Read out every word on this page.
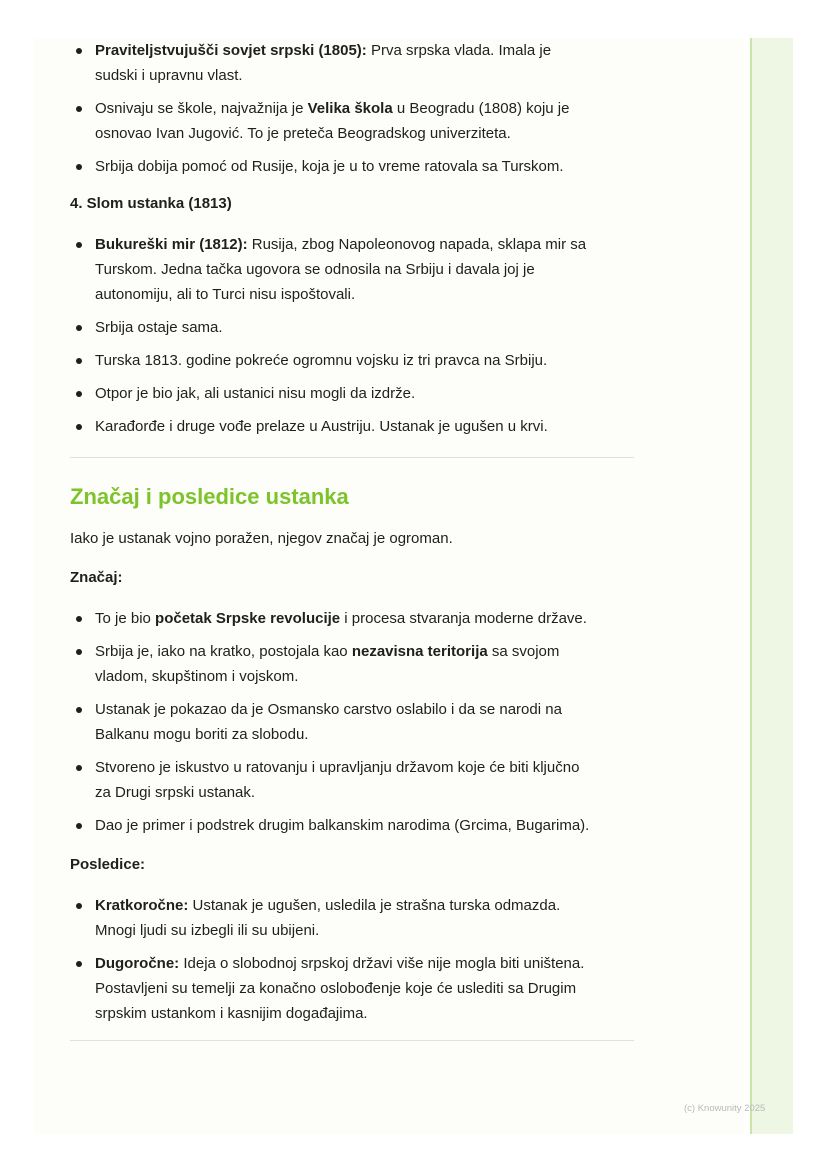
Praviteljstvujušči sovjet srpski (1805): Prva srpska vlada. Imala je
sudski i upravnu vlast.
Osnivaju se škole, najvažnija je Velika škola u Beogradu (1808) koju je
osnovao Ivan Jugović. To je preteča Beogradskog univerziteta.
Srbija dobija pomoć od Rusije, koja je u to vreme ratovala sa Turskom.

4. Slom ustanka (1813)

Bukureški mir (1812): Rusija, zbog Napoleonovog napada, sklapa mir sa
Turskom. Jedna tačka ugovora se odnosila na Srbiju i davala joj je
autonomiju, ali to Turci nisu ispoštovali.
Srbija ostaje sama.
Turska 1813. godine pokreće ogromnu vojsku iz tri pravca na Srbiju.
Otpor je bio jak, ali ustanici nisu mogli da izdrže.
Karađorđe i druge vođe prelaze u Austriju. Ustanak je ugušen u krvi.

Značaj i posledice ustanka

Iako je ustanak vojno poražen, njegov značaj je ogroman.

Značaj:

To je bio početak Srpske revolucije i procesa stvaranja moderne države.
Srbija je, iako na kratko, postojala kao nezavisna teritorija sa svojom
vladom, skupštinom i vojskom.
Ustanak je pokazao da je Osmansko carstvo oslabilo i da se narodi na
Balkanu mogu boriti za slobodu.
Stvoreno je iskustvo u ratovanju i upravljanju državom koje će biti ključno
za Drugi srpski ustanak.
Dao je primer i podstrek drugim balkanskim narodima (Grcima, Bugarima).

Posledice:

Kratkoročne: Ustanak je ugušen, usledila je strašna turska odmazda.
Mnogi ljudi su izbegli ili su ubijeni.
Dugoročne: Ideja o slobodnoj srpskoj državi više nije mogla biti uništena.
Postavljeni su temelji za konačno oslobođenje koje će uslediti sa Drugim
srpskim ustankom i kasnijim događajima.
(c) Knowunity 2025
